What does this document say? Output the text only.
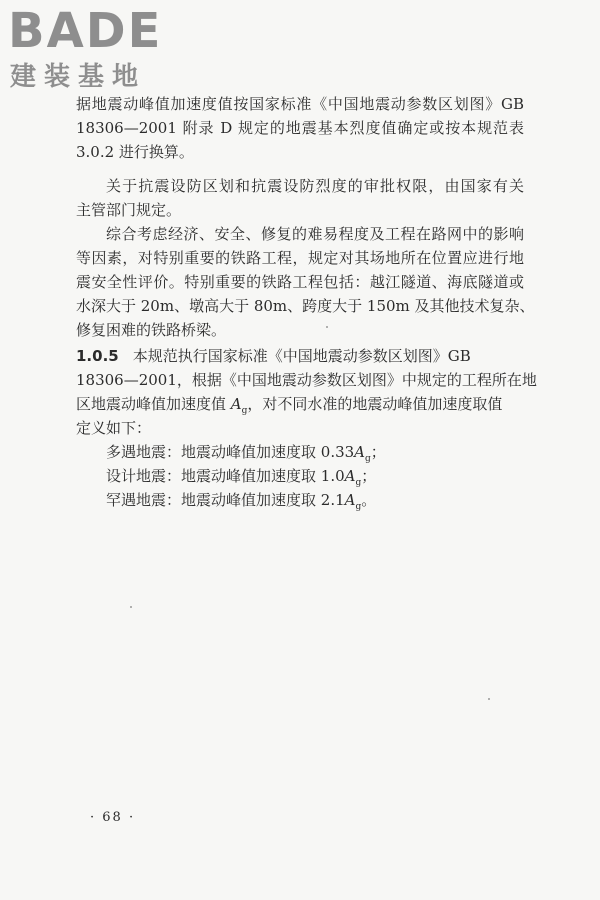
BADE
建装基地
据地震动峰值加速度值按国家标准《中国地震动参数区划图》GB
18306—2001 附录 D 规定的地震基本烈度值确定或按本规范表
3.0.2 进行换算。
关于抗震设防区划和抗震设防烈度的审批权限，由国家有关
主管部门规定。
综合考虑经济、安全、修复的难易程度及工程在路网中的影响
等因素，对特别重要的铁路工程，规定对其场地所在位置应进行地
震安全性评价。特别重要的铁路工程包括：越江隧道、海底隧道或
水深大于 20m、墩高大于 80m、跨度大于 150m 及其他技术复杂、
修复困难的铁路桥梁。
1.0.5 本规范执行国家标准《中国地震动参数区划图》GB
18306—2001，根据《中国地震动参数区划图》中规定的工程所在地
区地震动峰值加速度值 $A_g$，对不同水准的地震动峰值加速度取值
定义如下：
多遇地震：地震动峰值加速度取 $0.33A_g$；
设计地震：地震动峰值加速度取 $1.0A_g$；
罕遇地震：地震动峰值加速度取 $2.1A_g$。
· 68 ·
